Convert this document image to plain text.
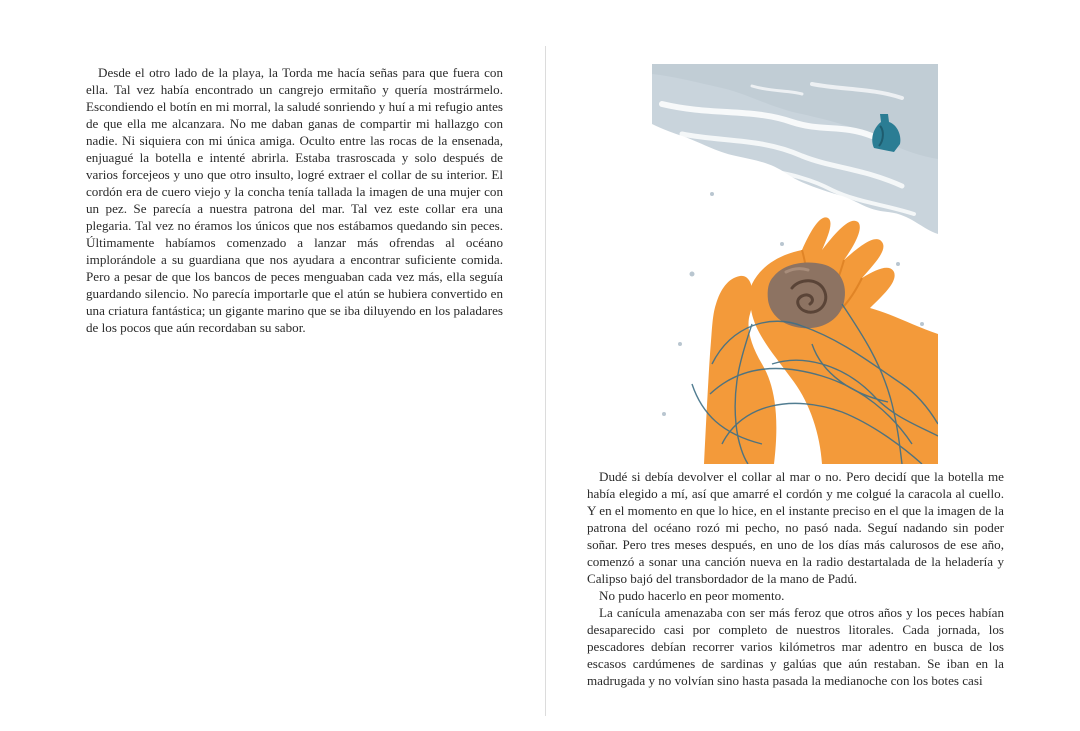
Desde el otro lado de la playa, la Torda me hacía señas para que fuera con ella. Tal vez había encontrado un cangrejo ermitaño y quería mostrármelo. Escondiendo el botín en mi morral, la saludé sonriendo y huí a mi refugio antes de que ella me alcanzara. No me daban ganas de compartir mi hallazgo con nadie. Ni siquiera con mi única amiga. Oculto entre las rocas de la ensenada, enjuagué la botella e intenté abrirla. Estaba trasroscada y solo después de varios forcejeos y uno que otro insulto, logré extraer el collar de su interior. El cordón era de cuero viejo y la concha tenía tallada la imagen de una mujer con un pez. Se parecía a nuestra patrona del mar. Tal vez este collar era una plegaria. Tal vez no éramos los únicos que nos estábamos quedando sin peces. Últimamente habíamos comenzado a lanzar más ofrendas al océano implorándole a su guardiana que nos ayudara a encontrar suficiente comida. Pero a pesar de que los bancos de peces menguaban cada vez más, ella seguía guardando silencio. No parecía importarle que el atún se hubiera convertido en una criatura fantástica; un gigante marino que se iba diluyendo en los paladares de los pocos que aún recordaban su sabor.

Dudé si debía devolver el collar al mar o no. Pero decidí que la botella me había elegido a mí, así que amarré el cordón y me colgué la caracola al cuello. Y en el momento en que lo hice, en el instante preciso en el que la imagen de la patrona del océano rozó mi pecho, no pasó nada. Seguí nadando sin poder soñar. Pero tres meses después, en uno de los días más calurosos de ese año, comenzó a sonar una canción nueva en la radio destartalada de la heladería y Calipso bajó del transbordador de la mano de Padú.

No pudo hacerlo en peor momento.

La canícula amenazaba con ser más feroz que otros años y los peces habían desaparecido casi por completo de nuestros litorales. Cada jornada, los pescadores debían recorrer varios kilómetros mar adentro en busca de los escasos cardúmenes de sardinas y galúas que aún restaban. Se iban en la madrugada y no volvían sino hasta pasada la medianoche con los botes casi
